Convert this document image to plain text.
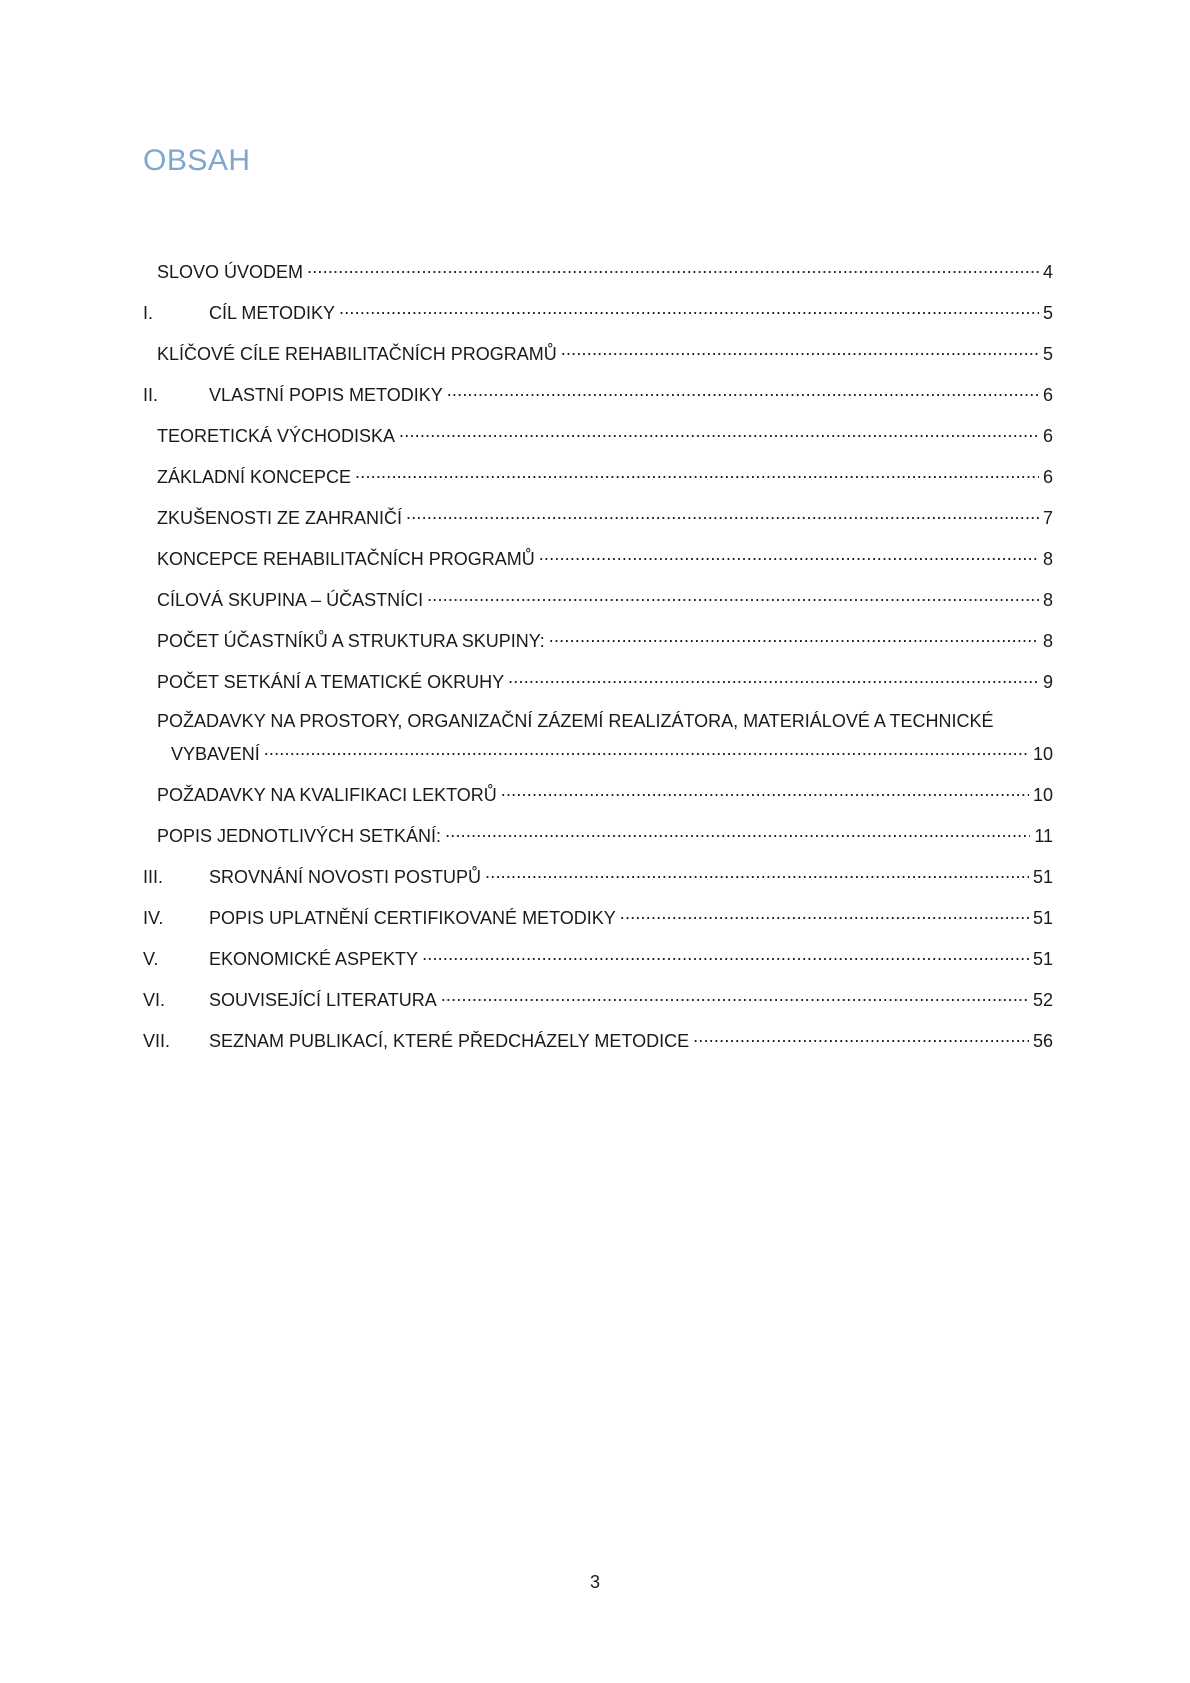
OBSAH
SLOVO ÚVODEM .....	4
I.	CÍL METODIKY .....	5
KLÍČOVÉ CÍLE REHABILITAČNÍCH PROGRAMŮ .....	5
II.	VLASTNÍ POPIS METODIKY .....	6
TEORETICKÁ VÝCHODISKA .....	6
ZÁKLADNÍ KONCEPCE .....	6
ZKUŠENOSTI ZE ZAHRANIČÍ .....	7
KONCEPCE REHABILITAČNÍCH PROGRAMŮ .....	8
CÍLOVÁ SKUPINA – ÚČASTNÍCI .....	8
POČET ÚČASTNÍKŮ A STRUKTURA SKUPINY: .....	8
POČET SETKÁNÍ A TEMATICKÉ OKRUHY .....	9
POŽADAVKY NA PROSTORY, ORGANIZAČNÍ ZÁZEMÍ REALIZÁTORA, MATERIÁLOVÉ A TECHNICKÉ
VYBAVENÍ .....	10
POŽADAVKY NA KVALIFIKACI LEKTORŮ .....	10
POPIS JEDNOTLIVÝCH SETKÁNÍ: .....	11
III.	SROVNÁNÍ NOVOSTI POSTUPŮ .....	51
IV.	POPIS UPLATNĚNÍ CERTIFIKOVANÉ METODIKY .....	51
V.	EKONOMICKÉ ASPEKTY .....	51
VI.	SOUVISEJÍCÍ LITERATURA .....	52
VII.	SEZNAM PUBLIKACÍ, KTERÉ PŘEDCHÁZELY METODICE .....	56
3
